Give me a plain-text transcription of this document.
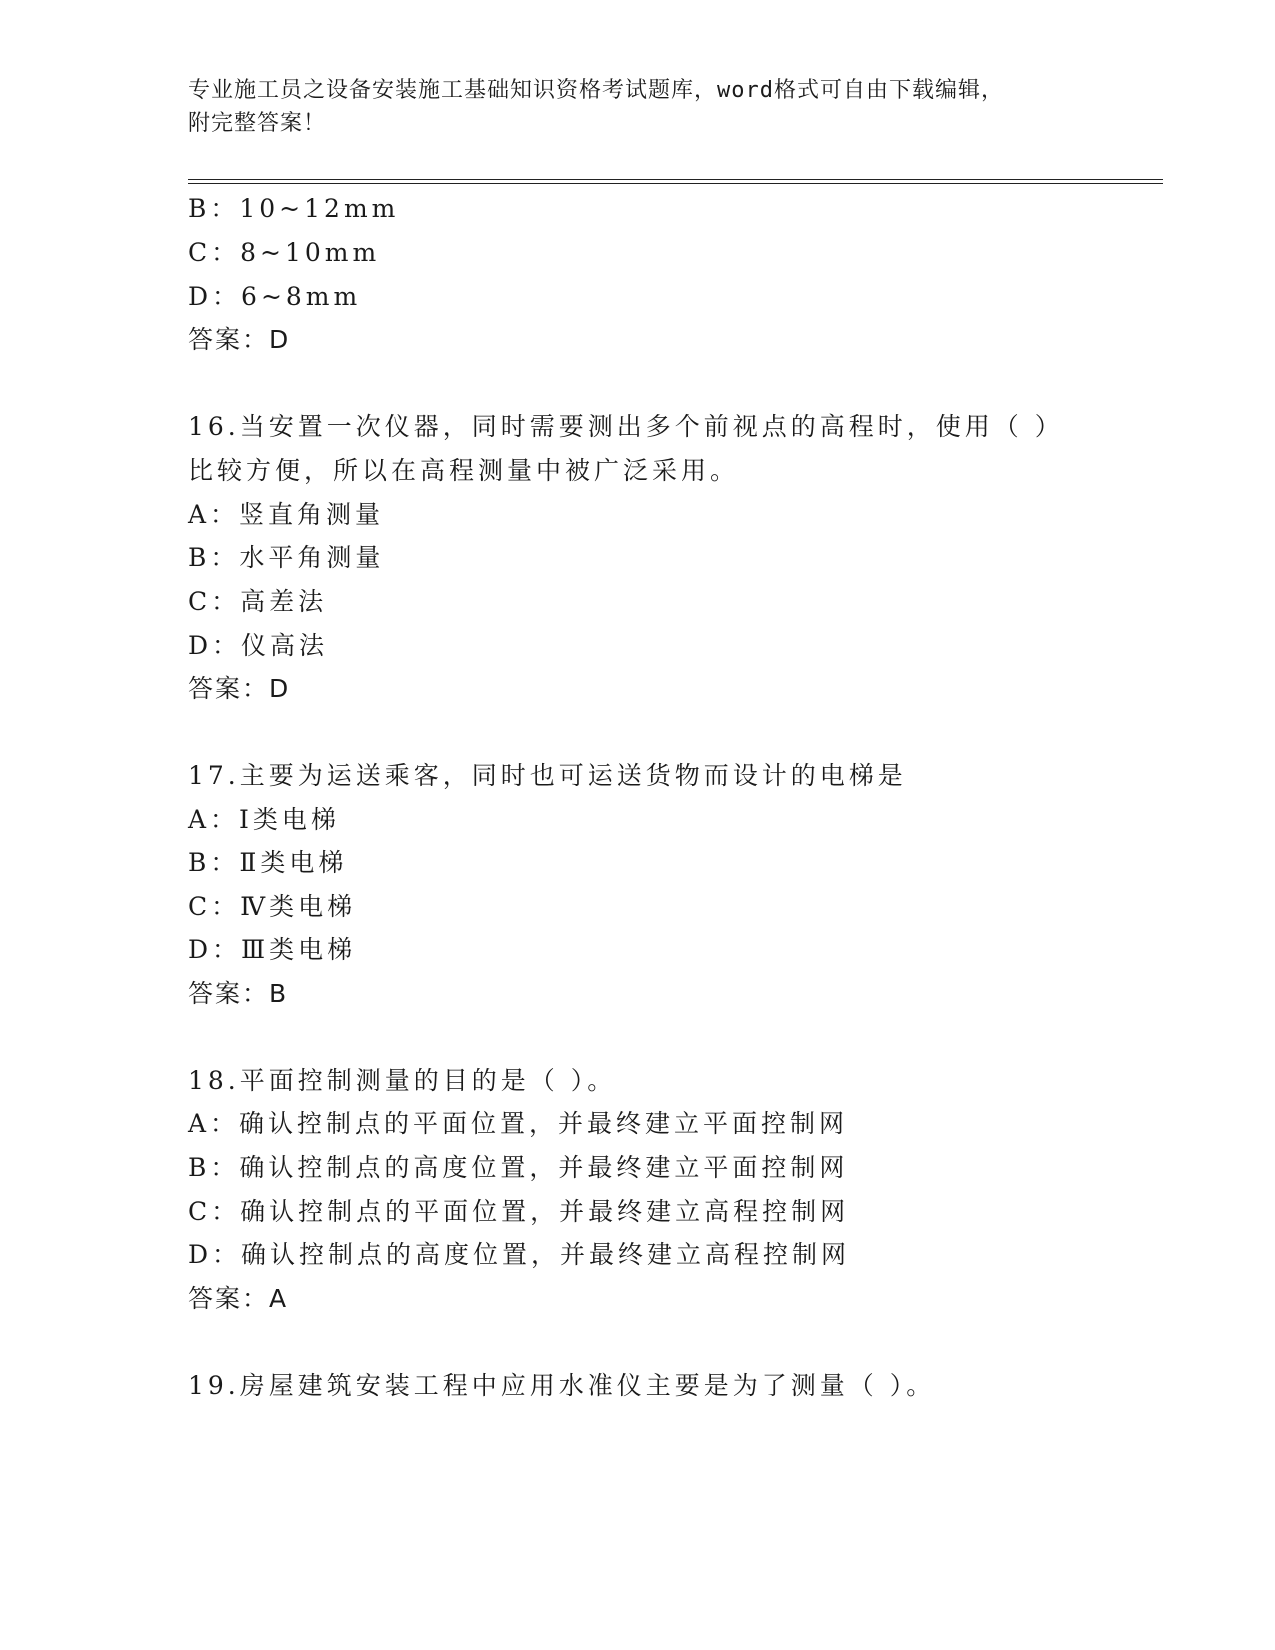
专业施工员之设备安装施工基础知识资格考试题库，word格式可自由下载编辑，
附完整答案！
B：10~12mm
C：8~10mm
D：6~8mm
答案：D
16.当安置一次仪器，同时需要测出多个前视点的高程时，使用（ ）
比较方便，所以在高程测量中被广泛采用。
A：竖直角测量
B：水平角测量
C：高差法
D：仪高法
答案：D
17.主要为运送乘客，同时也可运送货物而设计的电梯是
A：Ⅰ类电梯
B：Ⅱ类电梯
C：Ⅳ类电梯
D：Ⅲ类电梯
答案：B
18.平面控制测量的目的是（ ）。
A：确认控制点的平面位置，并最终建立平面控制网
B：确认控制点的高度位置，并最终建立平面控制网
C：确认控制点的平面位置，并最终建立高程控制网
D：确认控制点的高度位置，并最终建立高程控制网
答案：A
19.房屋建筑安装工程中应用水准仪主要是为了测量（ ）。
